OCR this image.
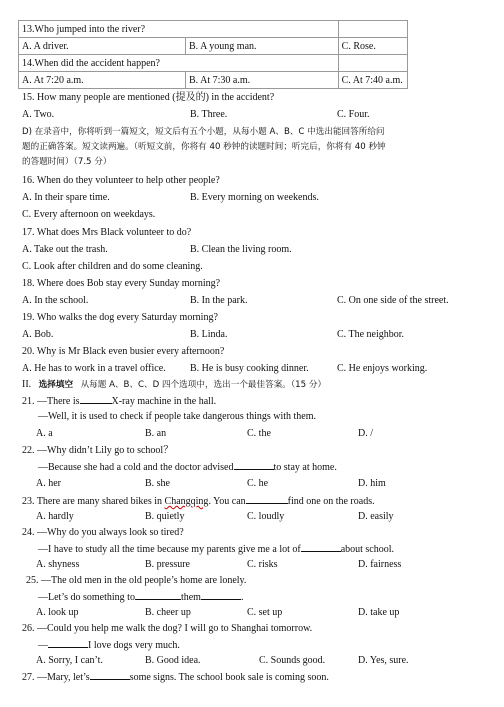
13.Who jumped into the river?		
A. A driver.	B. A young man.	C. Rose.
14.When did the accident happen?		
A. At 7:20 a.m.	B. At 7:30 a.m.	C. At 7:40 a.m.
15. How many people are mentioned (提及的) in the accident?
A. Two.	B. Three.	C. Four.
D) 在录音中，你将听到一篇短文，短文后有五个小题，从每小题 A、B、C 中选出能回答所给问
题的正确答案。短文读两遍。（听短文前，你将有 40 秒钟的读题时间；听完后，你将有 40 秒钟
的答题时间）（7.5 分）
16. When do they volunteer to help other people?
A. In their spare time.	B. Every morning on weekends.
C. Every afternoon on weekdays.
17. What does Mrs Black volunteer to do?
A. Take out the trash.	B. Clean the living room.
C. Look after children and do some cleaning.
18. Where does Bob stay every Sunday morning?
A. In the school.	B. In the park.	C. On one side of the street.
19. Who walks the dog every Saturday morning?
A. Bob.	B. Linda.	C. The neighbor.
20. Why is Mr Black even busier every afternoon?
A. He has to work in a travel office. B. He is busy cooking dinner.	C. He enjoys working.
II. 选择填空 从每题 A、B、C、D 四个选项中，选出一个最佳答案。（15 分）
21. —There is	X-ray machine in the hall.
—Well, it is used to check if people take dangerous things with them.
A. a	B. an	C. the	D. /
22. —Why didn’t Lily go to school？
—Because she had a cold and the doctor advised	to stay at home.
A. her	B. she	C. he	D. him
23. There are many shared bikes in Changqing. You can	find one on the roads.
A. hardly	B. quietly	C. loudly	D. easily
24. —Why do you always look so tired?
—I have to study all the time because my parents give me a lot of	about school.
A. shyness	B. pressure	C. risks	D. fairness
25. —The old men in the old people’s home are lonely.
—Let’s do something to	them	.
A. look up	B. cheer up	C. set up	D. take up
26. —Could you help me walk the dog? I will go to Shanghai tomorrow.
—	I love dogs very much.
A. Sorry, I can’t.	B. Good idea.	C. Sounds good.	D. Yes, sure.
27. —Mary, let’s	some signs. The school book sale is coming soon.
